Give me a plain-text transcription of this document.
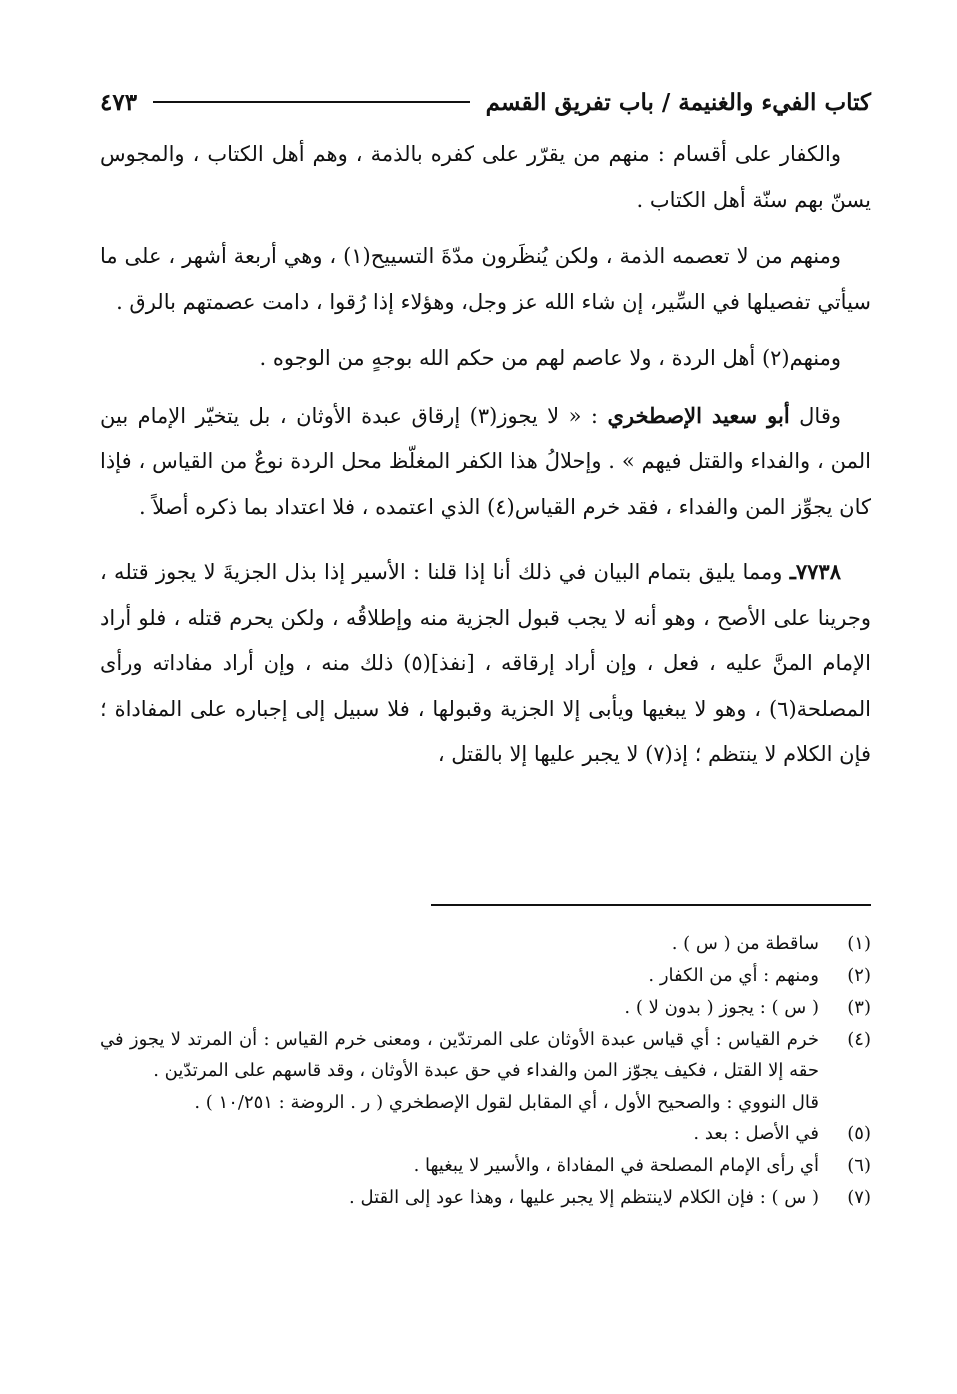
كتاب الفيء والغنيمة / باب تفريق القسم
٤٧٣

والكفار على أقسام : منهم من يقرّر على كفره بالذمة ، وهم أهل الكتاب ، والمجوس يسنّ بهم سنّة أهل الكتاب .

ومنهم من لا تعصمه الذمة ، ولكن يُنظَرون مدّةَ التسييح(١) ، وهي أربعة أشهر ، على ما سيأتي تفصيلها في السِّير، إن شاء الله عز وجل، وهؤلاء إذا رُقوا ، دامت عصمتهم بالرق .

ومنهم(٢) أهل الردة ، ولا عاصم لهم من حكم الله بوجهٍ من الوجوه .

وقال أبو سعيد الإصطخري : « لا يجوز(٣) إرقاق عبدة الأوثان ، بل يتخيّر الإمام بين المن ، والفداء والقتل فيهم » . وإحلالُ هذا الكفر المغلّظ محل الردة نوعٌ من القياس ، فإذا كان يجوِّز المن والفداء ، فقد خرم القياس(٤) الذي اعتمده ، فلا اعتداد بما ذكره أصلاً .

٧٧٣٨ـ ومما يليق بتمام البيان في ذلك أنا إذا قلنا : الأسير إذا بذل الجزيةَ لا يجوز قتله ، وجرينا على الأصح ، وهو أنه لا يجب قبول الجزية منه وإطلاقُه ، ولكن يحرم قتله ، فلو أراد الإمام المنَّ عليه ، فعل ، وإن أراد إرقاقه ، [نفذ](٥) ذلك منه ، وإن أراد مفاداته ورأى المصلحة(٦) ، وهو لا يبغيها ويأبى إلا الجزية وقبولها ، فلا سبيل إلى إجباره على المفاداة ؛ فإن الكلام لا ينتظم ؛ إذ(٧) لا يجبر عليها إلا بالقتل ،

(١)
ساقطة من ( س ) .
(٢)
ومنهم : أي من الكفار .
(٣)
( س ) : يجوز ( بدون لا ) .
(٤)
خرم القياس : أي قياس عبدة الأوثان على المرتدّين ، ومعنى خرم القياس : أن المرتد لا يجوز في حقه إلا القتل ، فكيف يجوّز المن والفداء في حق عبدة الأوثان ، وقد قاسهم على المرتدّين .
قال النووي : والصحيح الأول ، أي المقابل لقول الإصطخري ( ر . الروضة : ١٠/٢٥١ ) .
(٥)
في الأصل : بعد .
(٦)
أي رأى الإمام المصلحة في المفاداة ، والأسير لا يبغيها .
(٧)
( س ) : فإن الكلام لاينتظم إلا يجبر عليها ، وهذا عود إلى القتل .
